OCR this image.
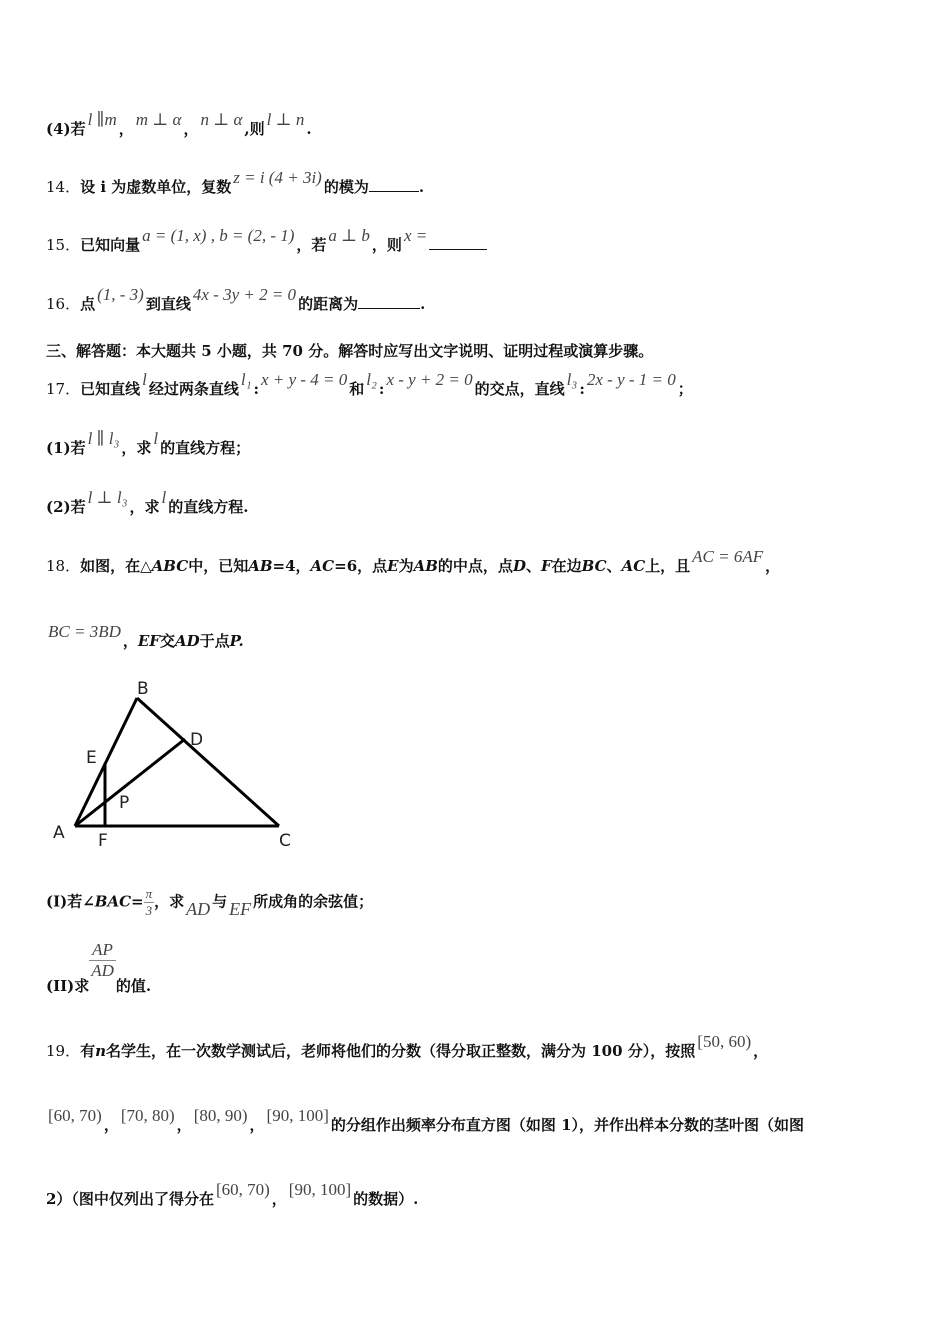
(4)若 l ∥m ， m ⊥ α ， n ⊥ α ,则 l ⊥ n .
14．设 i 为虚数单位，复数 z = i (4 + 3i) 的模为	.
15．已知向量 a = (1, x) , b = (2, - 1) ，若 a ⊥ b ，则 x =
16．点 (1, - 3) 到直线 4x - 3y + 2 = 0 的距离为	.
三、解答题：本大题共 5 小题，共 70 分。解答时应写出文字说明、证明过程或演算步骤。
17．已知直线 l 经过两条直线 l₁ : x + y - 4 = 0 和 l₂ : x - y + 2 = 0 的交点，直线 l₃ : 2x - y - 1 = 0 ；
(1)若 l ∥ l₃ ，求 l 的直线方程；
(2)若 l ⊥ l₃ ，求 l 的直线方程.
18．如图，在△ABC中，已知AB=4，AC=6，点E为AB的中点，点D、F在边BC、AC上，且 AC = 6AF ，
BC = 3BD ，EF交AD于点P.
B
D
E
P
A F	C
(I)若∠BAC= $\frac{\pi}{3}$ ，求 AD 与 EF 所成角的余弦值；
(II)求
$\frac{AP}{AD}$
的值.
19．有n名学生，在一次数学测试后，老师将他们的分数（得分取正整数，满分为 100 分），按照 [50, 60) ，
[60, 70) ， [70, 80) ， [80, 90) ， [90, 100] 的分组作出频率分布直方图（如图 1），并作出样本分数的茎叶图（如图
2）（图中仅列出了得分在 [60, 70) ， [90, 100] 的数据）.
